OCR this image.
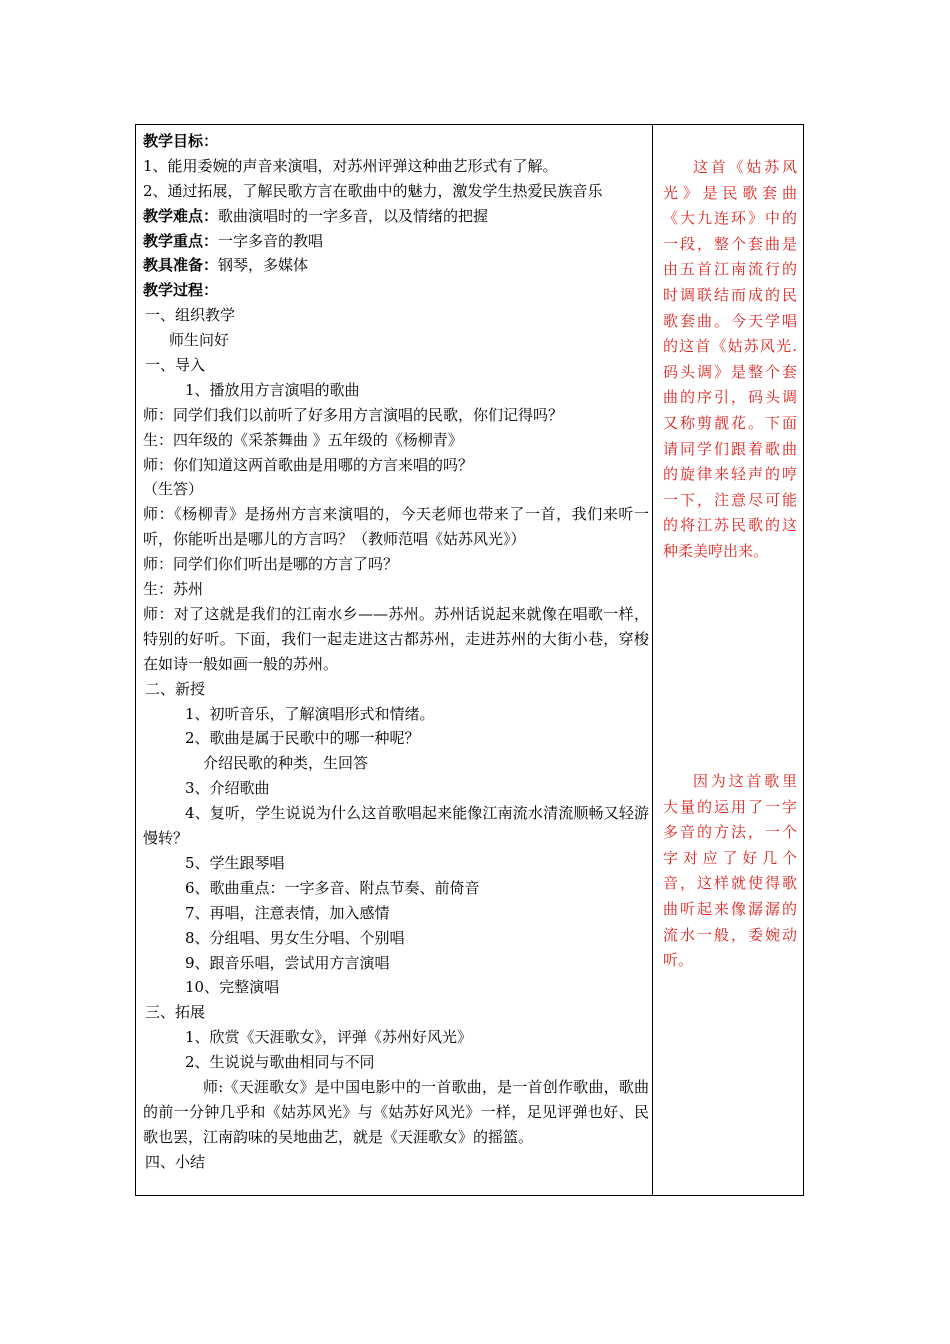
教学目标：
1、能用委婉的声音来演唱，对苏州评弹这种曲艺形式有了解。
2、通过拓展，了解民歌方言在歌曲中的魅力，激发学生热爱民族音乐
教学难点：歌曲演唱时的一字多音，以及情绪的把握
教学重点：一字多音的教唱
教具准备：钢琴，多媒体
教学过程：
一、组织教学
师生问好
一、导入
1、播放用方言演唱的歌曲
师：同学们我们以前听了好多用方言演唱的民歌，你们记得吗？
生：四年级的《采茶舞曲 》五年级的《杨柳青》
师：你们知道这两首歌曲是用哪的方言来唱的吗？
（生答）
师：《杨柳青》是扬州方言来演唱的，今天老师也带来了一首，我们来听一听，你能听出是哪儿的方言吗？（教师范唱《姑苏风光》）
师：同学们你们听出是哪的方言了吗？
生：苏州
师：对了这就是我们的江南水乡——苏州。苏州话说起来就像在唱歌一样，特别的好听。下面，我们一起走进这古都苏州，走进苏州的大街小巷，穿梭在如诗一般如画一般的苏州。
二、新授
1、初听音乐，了解演唱形式和情绪。
2、歌曲是属于民歌中的哪一种呢？
介绍民歌的种类，生回答
3、介绍歌曲
4、复听，学生说说为什么这首歌唱起来能像江南流水清流顺畅又轻游慢转？
5、学生跟琴唱
6、歌曲重点：一字多音、附点节奏、前倚音
7、再唱，注意表情，加入感情
8、分组唱、男女生分唱、个别唱
9、跟音乐唱，尝试用方言演唱
10、完整演唱
三、拓展
1、欣赏《天涯歌女》，评弹《苏州好风光》
2、生说说与歌曲相同与不同
师:《天涯歌女》是中国电影中的一首歌曲，是一首创作歌曲，歌曲的前一分钟几乎和《姑苏风光》与《姑苏好风光》一样，足见评弹也好、民歌也罢，江南韵味的吴地曲艺，就是《天涯歌女》的摇篮。
四、小结
这首《姑苏风光》是民歌套曲《大九连环》中的一段，整个套曲是由五首江南流行的时调联结而成的民歌套曲。今天学唱的这首《姑苏风光.码头调》是整个套曲的序引，码头调又称剪靓花。下面请同学们跟着歌曲的旋律来轻声的哼一下，注意尽可能的将江苏民歌的这种柔美哼出来。
因为这首歌里大量的运用了一字多音的方法，一个字对应了好几个音，这样就使得歌曲听起来像潺潺的流水一般，委婉动听。
